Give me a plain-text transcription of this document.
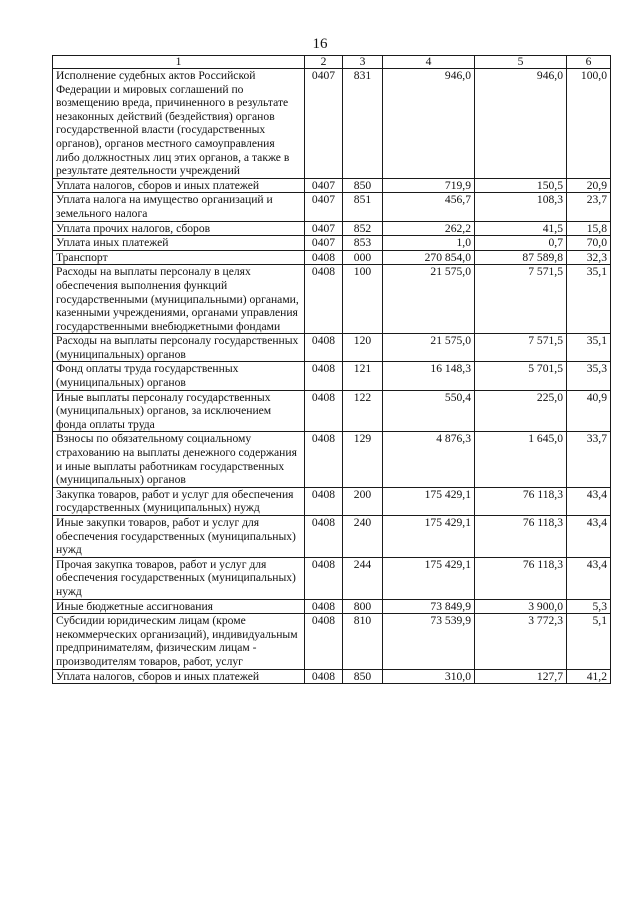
16
1	2	3	4	5	6
Исполнение судебных актов Российской Федерации и мировых соглашений по возмещению вреда, причиненного в результате незаконных действий (бездействия) органов государственной власти (государственных органов), органов местного самоуправления либо должностных лиц этих органов, а также в результате деятельности учреждений	0407	831	946,0	946,0	100,0
Уплата налогов, сборов и иных платежей	0407	850	719,9	150,5	20,9
Уплата налога на имущество организаций и земельного налога	0407	851	456,7	108,3	23,7
Уплата прочих налогов, сборов	0407	852	262,2	41,5	15,8
Уплата иных платежей	0407	853	1,0	0,7	70,0
Транспорт	0408	000	270 854,0	87 589,8	32,3
Расходы на выплаты персоналу в целях обеспечения выполнения функций государственными (муниципальными) органами, казенными учреждениями, органами управления государственными внебюджетными фондами	0408	100	21 575,0	7 571,5	35,1
Расходы на выплаты персоналу государственных (муниципальных) органов	0408	120	21 575,0	7 571,5	35,1
Фонд оплаты труда государственных (муниципальных) органов	0408	121	16 148,3	5 701,5	35,3
Иные выплаты персоналу государственных (муниципальных) органов, за исключением фонда оплаты труда	0408	122	550,4	225,0	40,9
Взносы по обязательному социальному страхованию на выплаты денежного содержания и иные выплаты работникам государственных (муниципальных) органов	0408	129	4 876,3	1 645,0	33,7
Закупка товаров, работ и услуг для обеспечения государственных (муниципальных) нужд	0408	200	175 429,1	76 118,3	43,4
Иные закупки товаров, работ и услуг для обеспечения государственных (муниципальных) нужд	0408	240	175 429,1	76 118,3	43,4
Прочая закупка товаров, работ и услуг для обеспечения государственных (муниципальных) нужд	0408	244	175 429,1	76 118,3	43,4
Иные бюджетные ассигнования	0408	800	73 849,9	3 900,0	5,3
Субсидии юридическим лицам (кроме некоммерческих организаций), индивидуальным предпринимателям, физическим лицам - производителям товаров, работ, услуг	0408	810	73 539,9	3 772,3	5,1
Уплата налогов, сборов и иных платежей	0408	850	310,0	127,7	41,2
